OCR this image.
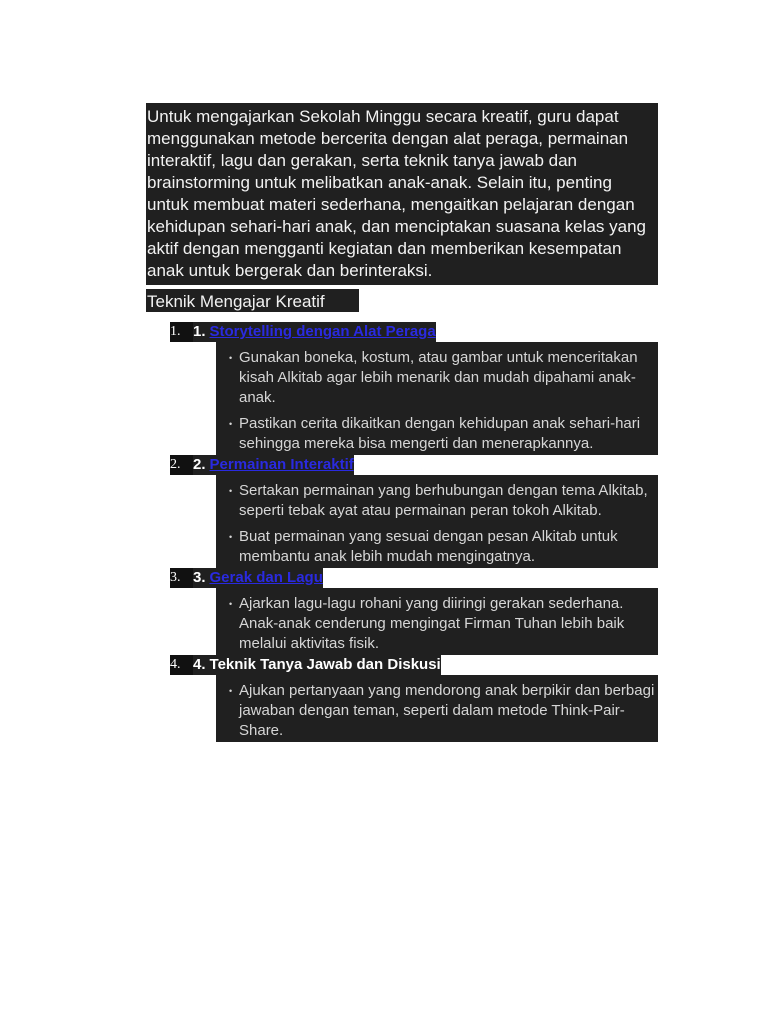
Untuk mengajarkan Sekolah Minggu secara kreatif, guru dapat menggunakan metode bercerita dengan alat peraga, permainan interaktif, lagu dan gerakan, serta teknik tanya jawab dan brainstorming untuk melibatkan anak-anak. Selain itu, penting untuk membuat materi sederhana, mengaitkan pelajaran dengan kehidupan sehari-hari anak, dan menciptakan suasana kelas yang aktif dengan mengganti kegiatan dan memberikan kesempatan anak untuk bergerak dan berinteraksi.

Teknik Mengajar Kreatif
1. 1. Storytelling dengan Alat Peraga
• Gunakan boneka, kostum, atau gambar untuk menceritakan kisah Alkitab agar lebih menarik dan mudah dipahami anak-anak.
• Pastikan cerita dikaitkan dengan kehidupan anak sehari-hari sehingga mereka bisa mengerti dan menerapkannya.
2. 2. Permainan Interaktif
• Sertakan permainan yang berhubungan dengan tema Alkitab, seperti tebak ayat atau permainan peran tokoh Alkitab.
• Buat permainan yang sesuai dengan pesan Alkitab untuk membantu anak lebih mudah mengingatnya.
3. 3. Gerak dan Lagu
• Ajarkan lagu-lagu rohani yang diiringi gerakan sederhana. Anak-anak cenderung mengingat Firman Tuhan lebih baik melalui aktivitas fisik.
4. 4. Teknik Tanya Jawab dan Diskusi
• Ajukan pertanyaan yang mendorong anak berpikir dan berbagi jawaban dengan teman, seperti dalam metode Think-Pair-Share.
